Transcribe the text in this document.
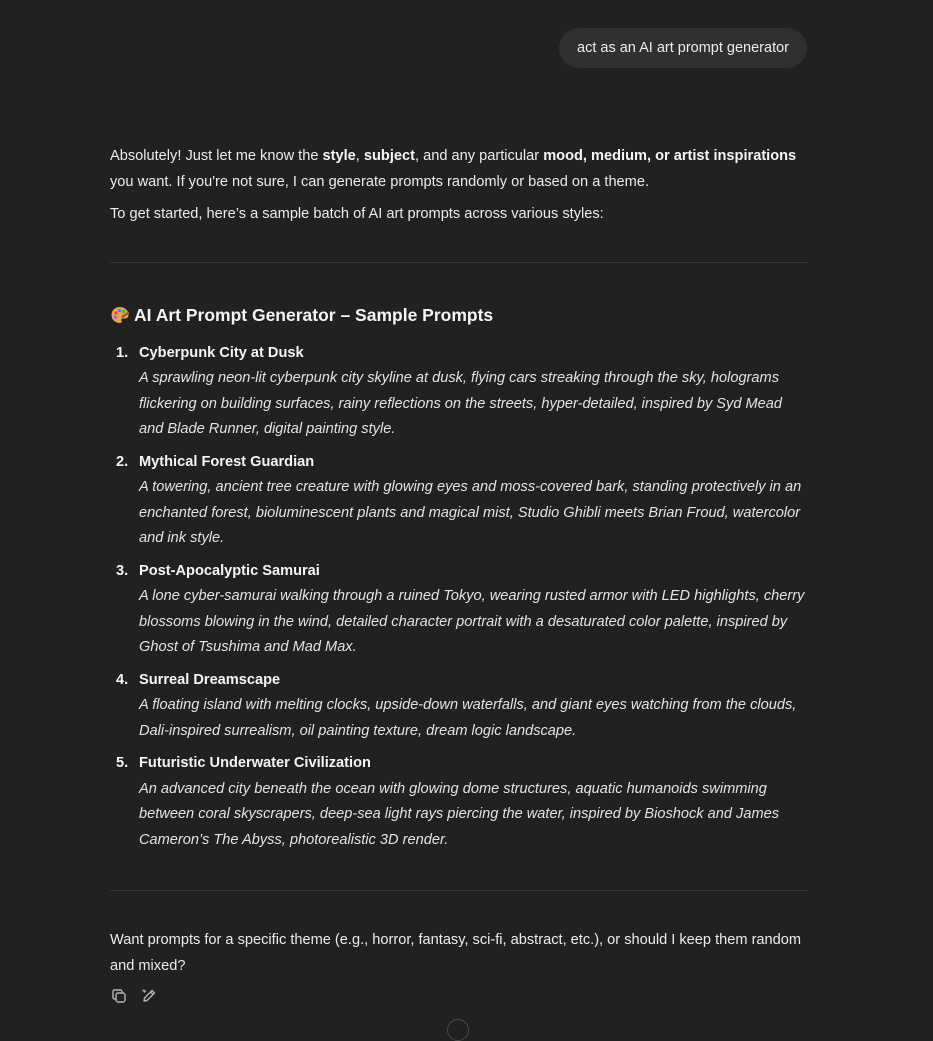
act as an AI art prompt generator

Absolutely! Just let me know the style, subject, and any particular mood, medium, or artist inspirations you want. If you're not sure, I can generate prompts randomly or based on a theme.

To get started, here’s a sample batch of AI art prompts across various styles:

AI Art Prompt Generator – Sample Prompts
1. Cyberpunk City at Dusk
A sprawling neon-lit cyberpunk city skyline at dusk, flying cars streaking through the sky, holograms flickering on building surfaces, rainy reflections on the streets, hyper-detailed, inspired by Syd Mead and Blade Runner, digital painting style.
2. Mythical Forest Guardian
A towering, ancient tree creature with glowing eyes and moss-covered bark, standing protectively in an enchanted forest, bioluminescent plants and magical mist, Studio Ghibli meets Brian Froud, watercolor and ink style.
3. Post-Apocalyptic Samurai
A lone cyber-samurai walking through a ruined Tokyo, wearing rusted armor with LED highlights, cherry blossoms blowing in the wind, detailed character portrait with a desaturated color palette, inspired by Ghost of Tsushima and Mad Max.
4. Surreal Dreamscape
A floating island with melting clocks, upside-down waterfalls, and giant eyes watching from the clouds, Dali-inspired surrealism, oil painting texture, dream logic landscape.
5. Futuristic Underwater Civilization
An advanced city beneath the ocean with glowing dome structures, aquatic humanoids swimming between coral skyscrapers, deep-sea light rays piercing the water, inspired by Bioshock and James Cameron’s The Abyss, photorealistic 3D render.

Want prompts for a specific theme (e.g., horror, fantasy, sci-fi, abstract, etc.), or should I keep them random and mixed?
